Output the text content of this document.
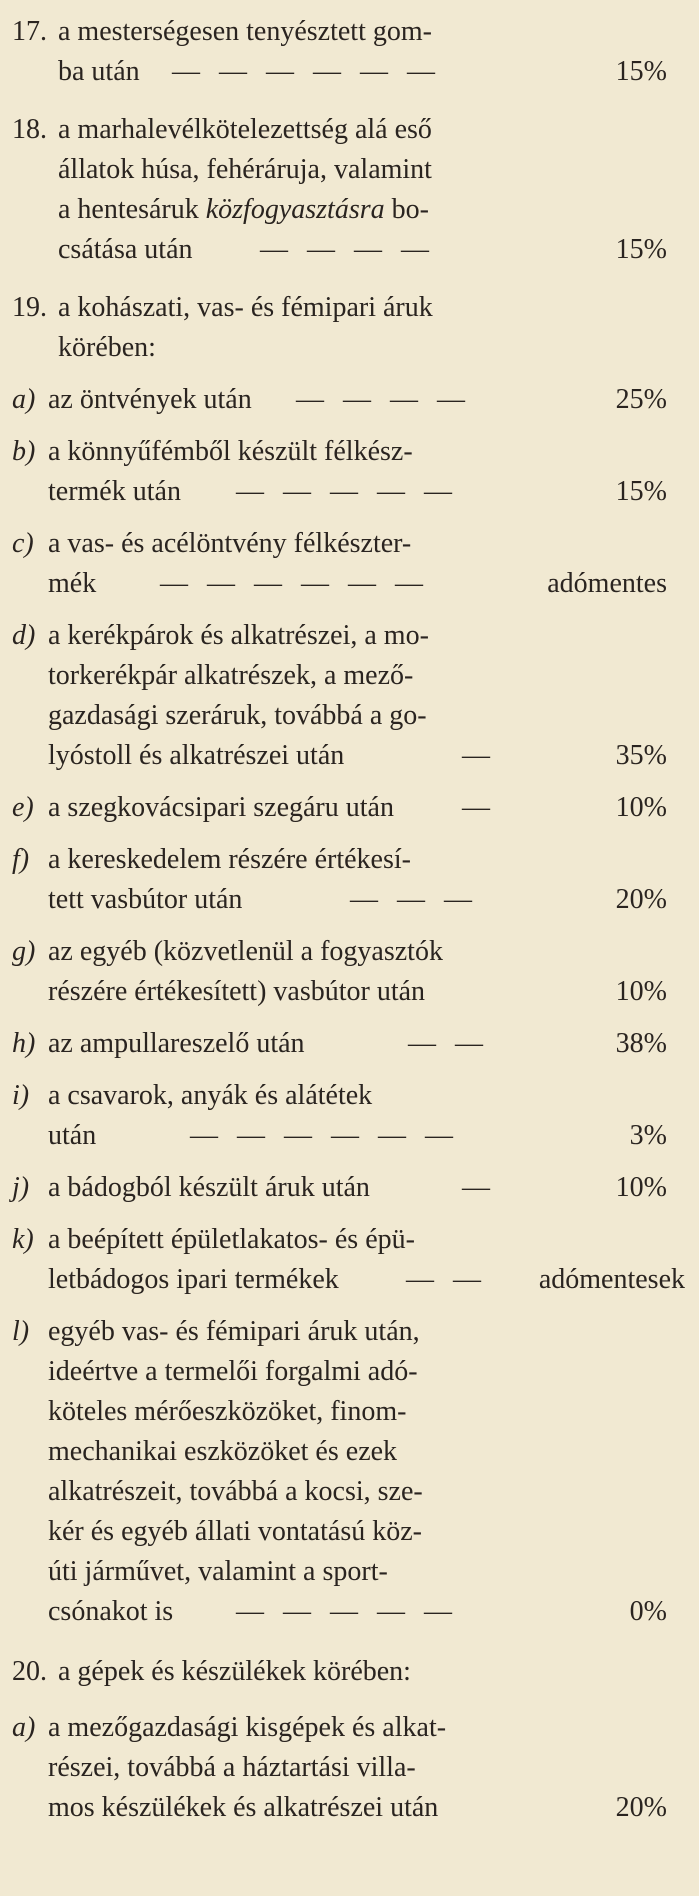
17. a mesterségesen tenyésztett gom-
ba után — — — — — —	15%
18. a marhalevélkötelezettség alá eső
állatok húsa, fehéráruja, valamint
a hentesáruk közfogyasztásra bo-
csátása után — — — —	15%
19. a kohászati, vas- és fémipari áruk
körében:
a) az öntvények után — — — —	25%
b) a könnyűfémből készült félkész-
termék után — — — — —	15%
c) a vas- és acélöntvény félkészter-
mék — — — — — —	adómentes
d) a kerékpárok és alkatrészei, a mo-
torkerékpár alkatrészek, a mező-
gazdasági szeráruk, továbbá a go-
lyóstoll és alkatrészei után	—	35%
e) a szegkovácsipari szegáru után —	10%
f) a kereskedelem részére értékesí-
tett vasbútor után	— — —	20%
g) az egyéb (közvetlenül a fogyasztók
részére értékesített) vasbútor után	10%
h) az ampullareszelő után	— —	38%
i) a csavarok, anyák és alátétek
után	— — — — — —	3%
j) a bádogból készült áruk után	—	10%
k) a beépített épületlakatos- és épü-
letbádogos ipari termékek — — adómentesek
l) egyéb vas- és fémipari áruk után,
ideértve a termelői forgalmi adó-
köteles mérőeszközöket, finom-
mechanikai eszközöket és ezek
alkatrészeit, továbbá a kocsi, sze-
kér és egyéb állati vontatású köz-
úti járművet, valamint a sport-
csónakot is — — — — —	0%
20. a gépek és készülékek körében:
a) a mezőgazdasági kisgépek és alkat-
részei, továbbá a háztartási villa-
mos készülékek és alkatrészei után	20%
